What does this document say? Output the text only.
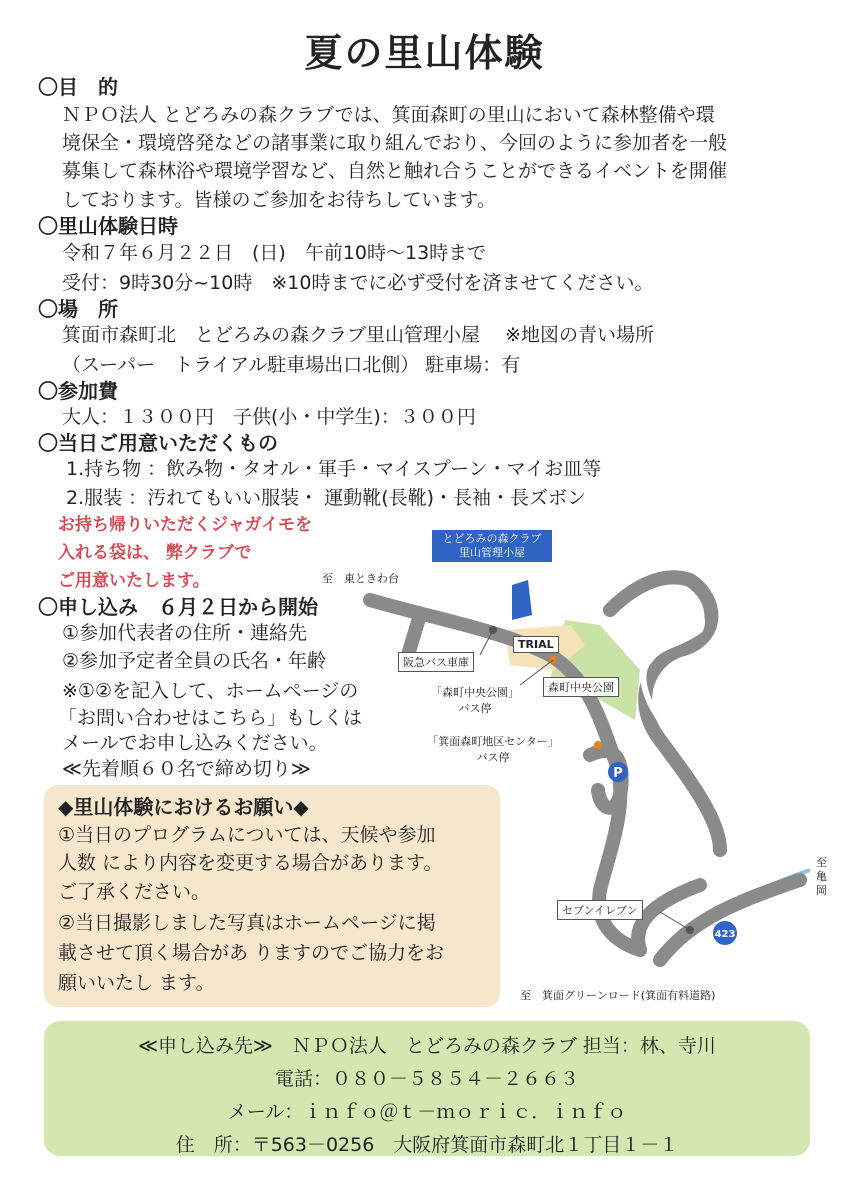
夏の里山体験
〇目　的
ＮＰＯ法人 とどろみの森クラブでは、箕面森町の里山において森林整備や環
境保全・環境啓発などの諸事業に取り組んでおり、今回のように参加者を一般
募集して森林浴や環境学習など、自然と触れ合うことができるイベントを開催
しております。皆様のご参加をお待ちしています。
〇里山体験日時
令和７年６月２２日　(日)　午前10時〜13時まで
受付：9時30分~10時　※10時までに必ず受付を済ませてください。
〇場　所
箕面市森町北　とどろみの森クラブ里山管理小屋　 ※地図の青い場所
（スーパー　トライアル駐車場出口北側） 駐車場：有
〇参加費
大人：１３００円　子供(小・中学生)：３００円
〇当日ご用意いただくもの
1.持ち物 ：飲み物・タオル・軍手・マイスプーン・マイお皿等
2.服装 ：汚れてもいい服装・ 運動靴(長靴)・長袖・長ズボン
お持ち帰りいただくジャガイモを
入れる袋は、 弊クラブで
ご用意いたします。
〇申し込み　６月２日から開始
①参加代表者の住所・連絡先
②参加予定者全員の氏名・年齢
※①②を記入して、ホームページの
「お問い合わせはこちら」もしくは
メールでお申し込みください。
≪先着順６０名で締め切り≫
◆里山体験におけるお願い◆
①当日のプログラムについては、天候や参加
人数 により内容を変更する場合があります。
ご了承ください。
②当日撮影しました写真はホームページに掲
載させて頂く場合があ りますのでご協力をお
願いいたし ます。
P
423
とどろみの森クラブ
里山管理小屋
至　東ときわ台
TRIAL
阪急バス車庫
森町中央公園
「森町中央公園」
バス停
「箕面森町地区センター」
バス停
セブンイレブン
至
亀
岡
至　箕面グリーンロード(箕面有料道路)
≪申し込み先≫　ＮＰＯ法人　とどろみの森クラブ 担当：林、寺川
電話：０８０－５８５４－２６６３
メール：ｉｎｆｏ＠ｔ－ｍｏｒｉｃ．ｉｎｆｏ
住　所：〒563－0256　大阪府箕面市森町北１丁目１－１
